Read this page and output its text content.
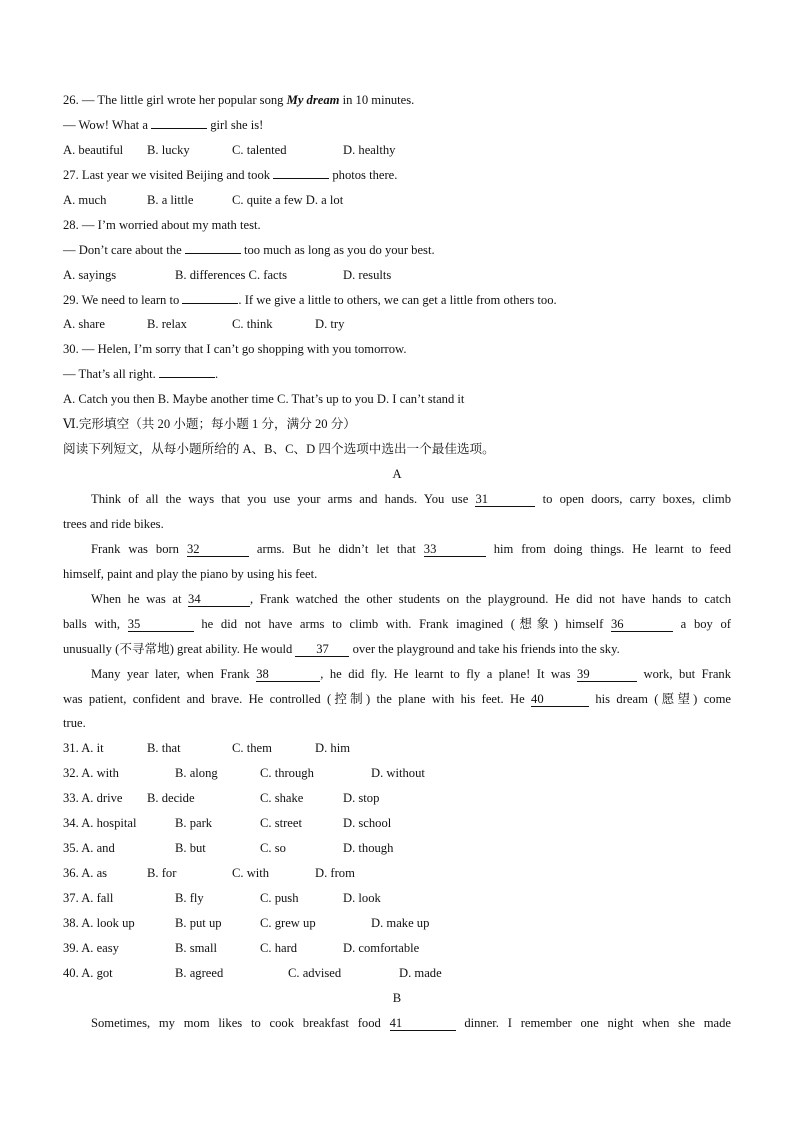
26. — The little girl wrote her popular song My dream in 10 minutes.
— Wow! What a	girl she is!
A. beautiful B. lucky	C. talented	D. healthy
27. Last year we visited Beijing and took	photos there.
A. much	B. a little	C. quite a few D. a lot
28. — I’m worried about my math test.
— Don’t care about the	too much as long as you do your best.
A. sayings	B. differences C. facts	D. results
29. We need to learn to	. If we give a little to others, we can get a little from others too.
A. share	B. relax	C. think	D. try
30. — Helen, I’m sorry that I can’t go shopping with you tomorrow.
— That’s all right.	.
A. Catch you then B. Maybe another time C. That’s up to you D. I can’t stand it
Ⅵ.完形填空（共 20 小题；每小题 1 分，满分 20 分）
阅读下列短文，从每小题所给的 A、B、C、D 四个选项中选出一个最佳选项。
A
Think of all the ways that you use your arms and hands. You use 31	to open doors, carry boxes, climb
trees and ride bikes.
Frank was born 32	arms. But he didn’t let that 33	him from doing things. He learnt to feed
himself, paint and play the piano by using his feet.
When he was at 34	, Frank watched the other students on the playground. He did not have hands to catch
balls with, 35	he did not have arms to climb with. Frank imagined (想象) himself 36	a boy of
unusually (不寻常地) great ability. He would 37 over the playground and take his friends into the sky.
Many year later, when Frank 38	, he did fly. He learnt to fly a plane! It was 39	work, but Frank
was patient, confident and brave. He controlled (控制) the plane with his feet. He 40	his dream (愿望) come
true.
31. A. it	B. that	C. them	D. him
32. A. with	B. along	C. through	D. without
33. A. drive B. decide	C. shake	D. stop
34. A. hospital	B. park	C. street	D. school
35. A. and	B. but	C. so	D. though
36. A. as	B. for	C. with	D. from
37. A. fall	B. fly	C. push	D. look
38. A. look up	B. put up	C. grew up	D. make up
39. A. easy	B. small	C. hard	D. comfortable
40. A. got	B. agreed	C. advised	D. made
B
Sometimes, my mom likes to cook breakfast food 41	dinner. I remember one night when she made
